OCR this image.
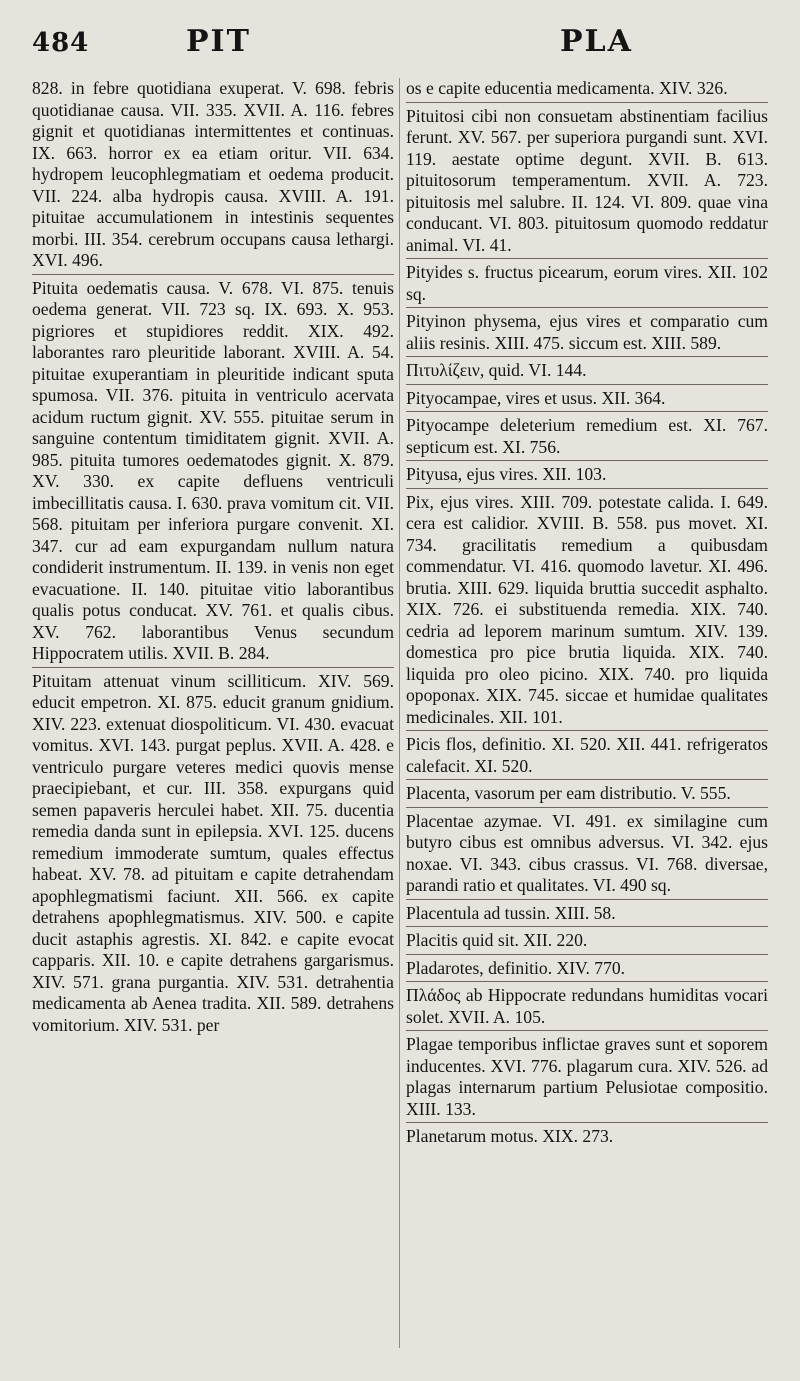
484	PIT	PLA

828. in febre quotidiana exuperat. V. 698. febris quotidianae causa. VII. 335. XVII. A. 116. febres gignit et quotidianas intermittentes et continuas. IX. 663. horror ex ea etiam oritur. VII. 634. hydropem leucophlegmatiam et oedema producit. VII. 224. alba hydropis causa. XVIII. A. 191. pituitae accumulationem in intestinis sequentes morbi. III. 354. cerebrum occupans causa lethargi. XVI. 496.

Pituita oedematis causa. V. 678. VI. 875. tenuis oedema generat. VII. 723 sq. IX. 693. X. 953. pigriores et stupidiores reddit. XIX. 492. laborantes raro pleuritide laborant. XVIII. A. 54. pituitae exuperantiam in pleuritide indicant sputa spumosa. VII. 376. pituita in ventriculo acervata acidum ructum gignit. XV. 555. pituitae serum in sanguine contentum timiditatem gignit. XVII. A. 985. pituita tumores oedematodes gignit. X. 879. XV. 330. ex capite defluens ventriculi imbecillitatis causa. I. 630. prava vomitum cit. VII. 568. pituitam per inferiora purgare convenit. XI. 347. cur ad eam expurgandam nullum natura condiderit instrumentum. II. 139. in venis non eget evacuatione. II. 140. pituitae vitio laborantibus qualis potus conducat. XV. 761. et qualis cibus. XV. 762. laborantibus Venus secundum Hippocratem utilis. XVII. B. 284.

Pituitam attenuat vinum scilliticum. XIV. 569. educit empetron. XI. 875. educit granum gnidium. XIV. 223. extenuat diospoliticum. VI. 430. evacuat vomitus. XVI. 143. purgat peplus. XVII. A. 428. e ventriculo purgare veteres medici quovis mense praecipiebant, et cur. III. 358. expurgans quid semen papaveris herculei habet. XII. 75. ducentia remedia danda sunt in epilepsia. XVI. 125. ducens remedium immoderate sumtum, quales effectus habeat. XV. 78. ad pituitam e capite detrahendam apophlegmatismi faciunt. XII. 566. ex capite detrahens apophlegmatismus. XIV. 500. e capite ducit astaphis agrestis. XI. 842. e capite evocat capparis. XII. 10. e capite detrahens gargarismus. XIV. 571. grana purgantia. XIV. 531. detrahentia medicamenta ab Aenea tradita. XII. 589. detrahens vomitorium. XIV. 531. per

os e capite educentia medicamenta. XIV. 326.

Pituitosi cibi non consuetam abstinentiam facilius ferunt. XV. 567. per superiora purgandi sunt. XVI. 119. aestate optime degunt. XVII. B. 613. pituitosorum temperamentum. XVII. A. 723. pituitosis mel salubre. II. 124. VI. 809. quae vina conducant. VI. 803. pituitosum quomodo reddatur animal. VI. 41.

Pityides s. fructus picearum, eorum vires. XII. 102 sq.

Pityinon physema, ejus vires et comparatio cum aliis resinis. XIII. 475. siccum est. XIII. 589.

Πιτυλίζειν, quid. VI. 144.

Pityocampae, vires et usus. XII. 364.

Pityocampe deleterium remedium est. XI. 767. septicum est. XI. 756.

Pityusa, ejus vires. XII. 103.

Pix, ejus vires. XIII. 709. potestate calida. I. 649. cera est calidior. XVIII. B. 558. pus movet. XI. 734. gracilitatis remedium a quibusdam commendatur. VI. 416. quomodo lavetur. XI. 496. brutia. XIII. 629. liquida bruttia succedit asphalto. XIX. 726. ei substituenda remedia. XIX. 740. cedria ad leporem marinum sumtum. XIV. 139. domestica pro pice brutia liquida. XIX. 740. liquida pro oleo picino. XIX. 740. pro liquida opoponax. XIX. 745. siccae et humidae qualitates medicinales. XII. 101.

Picis flos, definitio. XI. 520. XII. 441. refrigeratos calefacit. XI. 520.

Placenta, vasorum per eam distributio. V. 555.

Placentae azymae. VI. 491. ex similagine cum butyro cibus est omnibus adversus. VI. 342. ejus noxae. VI. 343. cibus crassus. VI. 768. diversae, parandi ratio et qualitates. VI. 490 sq.

Placentula ad tussin. XIII. 58.

Placitis quid sit. XII. 220.

Pladarotes, definitio. XIV. 770.

Πλάδος ab Hippocrate redundans humiditas vocari solet. XVII. A. 105.

Plagae temporibus inflictae graves sunt et soporem inducentes. XVI. 776. plagarum cura. XIV. 526. ad plagas internarum partium Pelusiotae compositio. XIII. 133.

Planetarum motus. XIX. 273.
